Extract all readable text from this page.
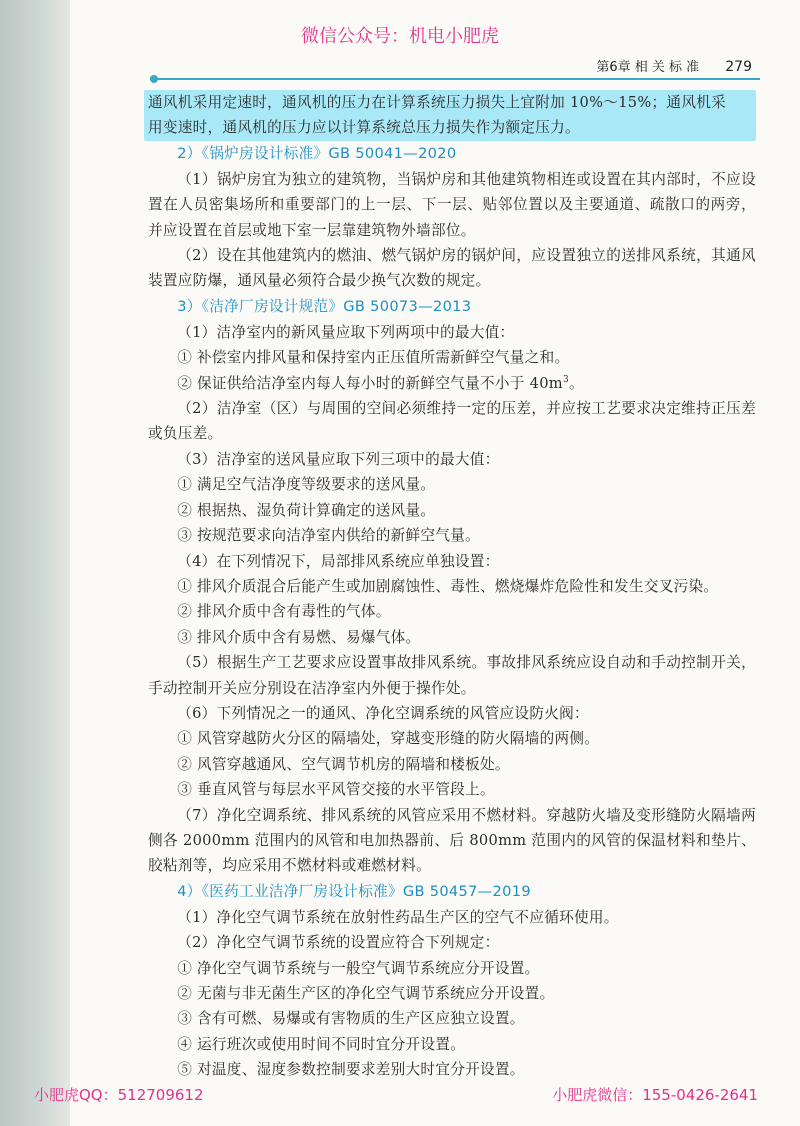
微信公众号：机电小肥虎
第6章 相 关 标 准 279

通风机采用定速时，通风机的压力在计算系统压力损失上宜附加 10%～15%；通风机采

用变速时，通风机的压力应以计算系统总压力损失作为额定压力。

2）《锅炉房设计标准》GB 50041—2020

（1）锅炉房宜为独立的建筑物，当锅炉房和其他建筑物相连或设置在其内部时，不应设置在人员密集场所和重要部门的上一层、下一层、贴邻位置以及主要通道、疏散口的两旁，并应设置在首层或地下室一层靠建筑物外墙部位。

（2）设在其他建筑内的燃油、燃气锅炉房的锅炉间，应设置独立的送排风系统，其通风装置应防爆，通风量必须符合最少换气次数的规定。

3）《洁净厂房设计规范》GB 50073—2013

（1）洁净室内的新风量应取下列两项中的最大值：

① 补偿室内排风量和保持室内正压值所需新鲜空气量之和。

② 保证供给洁净室内每人每小时的新鲜空气量不小于 $40m^3$。

（2）洁净室（区）与周围的空间必须维持一定的压差，并应按工艺要求决定维持正压差或负压差。

（3）洁净室的送风量应取下列三项中的最大值：

① 满足空气洁净度等级要求的送风量。

② 根据热、湿负荷计算确定的送风量。

③ 按规范要求向洁净室内供给的新鲜空气量。

（4）在下列情况下，局部排风系统应单独设置：

① 排风介质混合后能产生或加剧腐蚀性、毒性、燃烧爆炸危险性和发生交叉污染。

② 排风介质中含有毒性的气体。

③ 排风介质中含有易燃、易爆气体。

（5）根据生产工艺要求应设置事故排风系统。事故排风系统应设自动和手动控制开关，手动控制开关应分别设在洁净室内外便于操作处。

（6）下列情况之一的通风、净化空调系统的风管应设防火阀：

① 风管穿越防火分区的隔墙处，穿越变形缝的防火隔墙的两侧。

② 风管穿越通风、空气调节机房的隔墙和楼板处。

③ 垂直风管与每层水平风管交接的水平管段上。

（7）净化空调系统、排风系统的风管应采用不燃材料。穿越防火墙及变形缝防火隔墙两侧各 2000mm 范围内的风管和电加热器前、后 800mm 范围内的风管的保温材料和垫片、胶粘剂等，均应采用不燃材料或难燃材料。

4）《医药工业洁净厂房设计标准》GB 50457—2019

（1）净化空气调节系统在放射性药品生产区的空气不应循环使用。

（2）净化空气调节系统的设置应符合下列规定：

① 净化空气调节系统与一般空气调节系统应分开设置。

② 无菌与非无菌生产区的净化空气调节系统应分开设置。

③ 含有可燃、易爆或有害物质的生产区应独立设置。

④ 运行班次或使用时间不同时宜分开设置。

⑤ 对温度、湿度参数控制要求差别大时宜分开设置。

小肥虎QQ：512709612	小肥虎微信：155-0426-2641
